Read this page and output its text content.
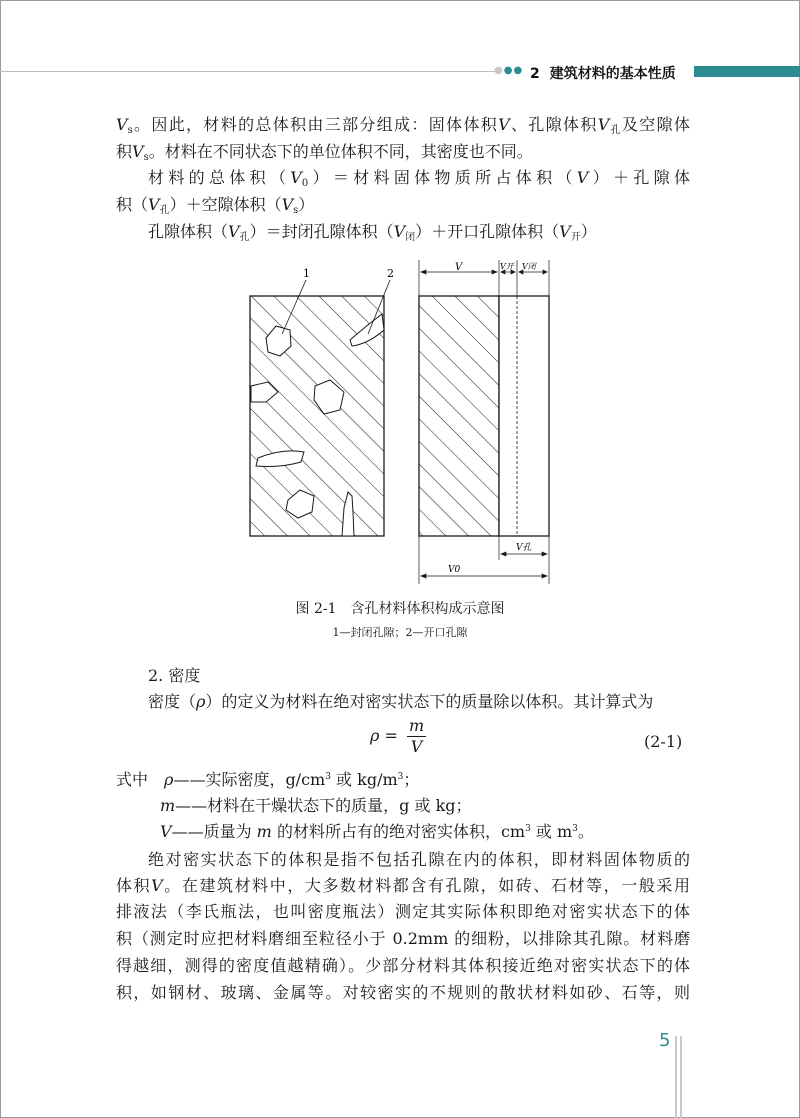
●●● 2 建筑材料的基本性质
$V_s$。因此，材料的总体积由三部分组成：固体体积V、孔隙体积$V_孔$及空隙体
积$V_s$。材料在不同状态下的单位体积不同，其密度也不同。
材料的总体积$(V_0)=$材料固体物质所占体积（V）＋孔隙体
积$(V_孔)+$空隙体积$(V_s)$
孔隙体积$(V_孔)=$封闭孔隙体积$(V_闭)+$开口孔隙体积$(V_开)$
1	2	V	V开 V闭
V孔
V0
图 2-1　含孔材料体积构成示意图
1—封闭孔隙；2—开口孔隙
2. 密度
密度（ρ）的定义为材料在绝对密实状态下的质量除以体积。其计算式为
$\rho = \frac{m}{V}$	(2-1)
式中　 ρ——实际密度，$g/cm^3$ 或 $kg/m^3$；
m——材料在干燥状态下的质量，g 或 kg；
V——质量为 m 的材料所占有的绝对密实体积，$cm^3$ 或 $m^3$。
绝对密实状态下的体积是指不包括孔隙在内的体积，即材料固体物质的
体积V。在建筑材料中，大多数材料都含有孔隙，如砖、石材等，一般采用
排液法（李氏瓶法，也叫密度瓶法）测定其实际体积即绝对密实状态下的体
积（测定时应把材料磨细至粒径小于 0.2mm 的细粉，以排除其孔隙。材料磨
得越细，测得的密度值越精确）。少部分材料其体积接近绝对密实状态下的体
积，如钢材、玻璃、金属等。对较密实的不规则的散状材料如砂、石等，则
5
